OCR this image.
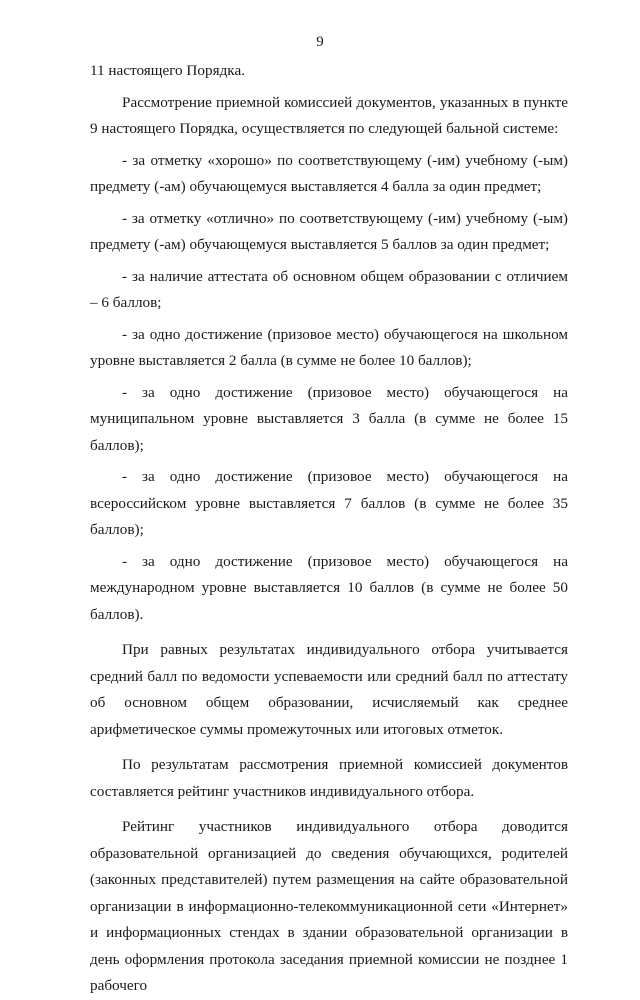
9

11 настоящего Порядка.

Рассмотрение приемной комиссией документов, указанных в пункте 9 настоящего Порядка, осуществляется по следующей бальной системе:

- за отметку «хорошо» по соответствующему (-им) учебному (-ым) предмету (-ам) обучающемуся выставляется 4 балла за один предмет;

- за отметку «отлично» по соответствующему (-им) учебному (-ым) предмету (-ам) обучающемуся выставляется 5 баллов за один предмет;

- за наличие аттестата об основном общем образовании с отличием – 6 баллов;

- за одно достижение (призовое место) обучающегося на школьном уровне выставляется 2 балла (в сумме не более 10 баллов);

- за одно достижение (призовое место) обучающегося на муниципальном уровне выставляется 3 балла (в сумме не более 15 баллов);

- за одно достижение (призовое место) обучающегося на всероссийском уровне выставляется 7 баллов (в сумме не более 35 баллов);

- за одно достижение (призовое место) обучающегося на международном уровне выставляется 10 баллов (в сумме не более 50 баллов).

При равных результатах индивидуального отбора учитывается средний балл по ведомости успеваемости или средний балл по аттестату об основном общем образовании, исчисляемый как среднее арифметическое суммы промежуточных или итоговых отметок.

По результатам рассмотрения приемной комиссией документов составляется рейтинг участников индивидуального отбора.

Рейтинг участников индивидуального отбора доводится образовательной организацией до сведения обучающихся, родителей (законных представителей) путем размещения на сайте образовательной организации в информационно-телекоммуникационной сети «Интернет» и информационных стендах в здании образовательной организации в день оформления протокола заседания приемной комиссии не позднее 1 рабочего
